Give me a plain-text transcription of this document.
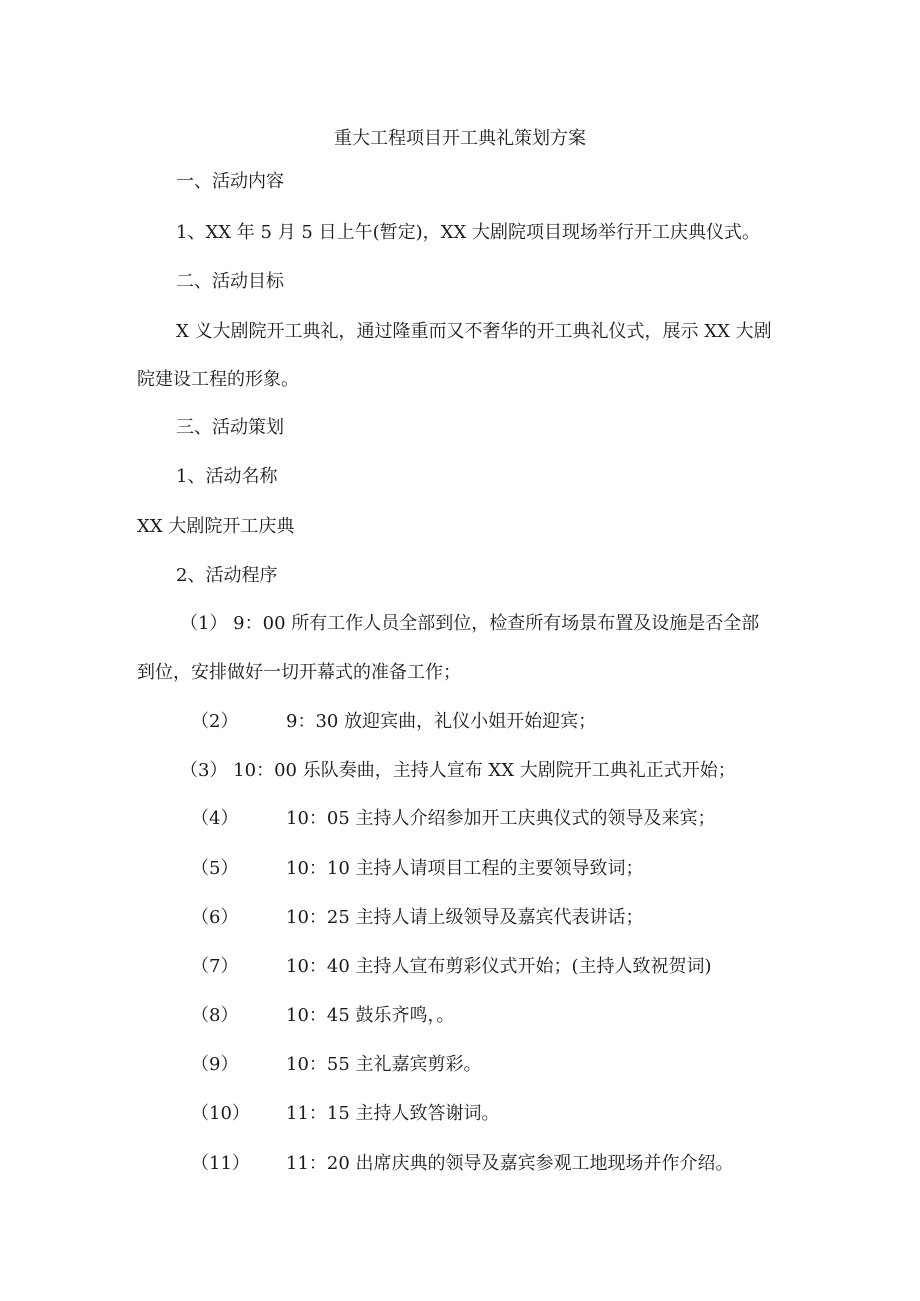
重大工程项目开工典礼策划方案
一、活动内容
1、XX 年 5 月 5 日上午(暂定)，XX 大剧院项目现场举行开工庆典仪式。
二、活动目标
X 义大剧院开工典礼，通过隆重而又不奢华的开工典礼仪式，展示 XX 大剧
院建设工程的形象。
三、活动策划
1、活动名称
XX 大剧院开工庆典
2、活动程序
（1） 9：00 所有工作人员全部到位，检查所有场景布置及设施是否全部
到位，安排做好一切开幕式的准备工作；
（2）	9：30 放迎宾曲，礼仪小姐开始迎宾；
（3） 10：00 乐队奏曲，主持人宣布 XX 大剧院开工典礼正式开始；
（4）	10：05 主持人介绍参加开工庆典仪式的领导及来宾；
（5）	10：10 主持人请项目工程的主要领导致词；
（6）	10：25 主持人请上级领导及嘉宾代表讲话；
（7）	10：40 主持人宣布剪彩仪式开始；(主持人致祝贺词)
（8）	10：45 鼓乐齐鸣，。
（9）	10：55 主礼嘉宾剪彩。
（10） 11：15 主持人致答谢词。
（11） 11：20 出席庆典的领导及嘉宾参观工地现场并作介绍。
